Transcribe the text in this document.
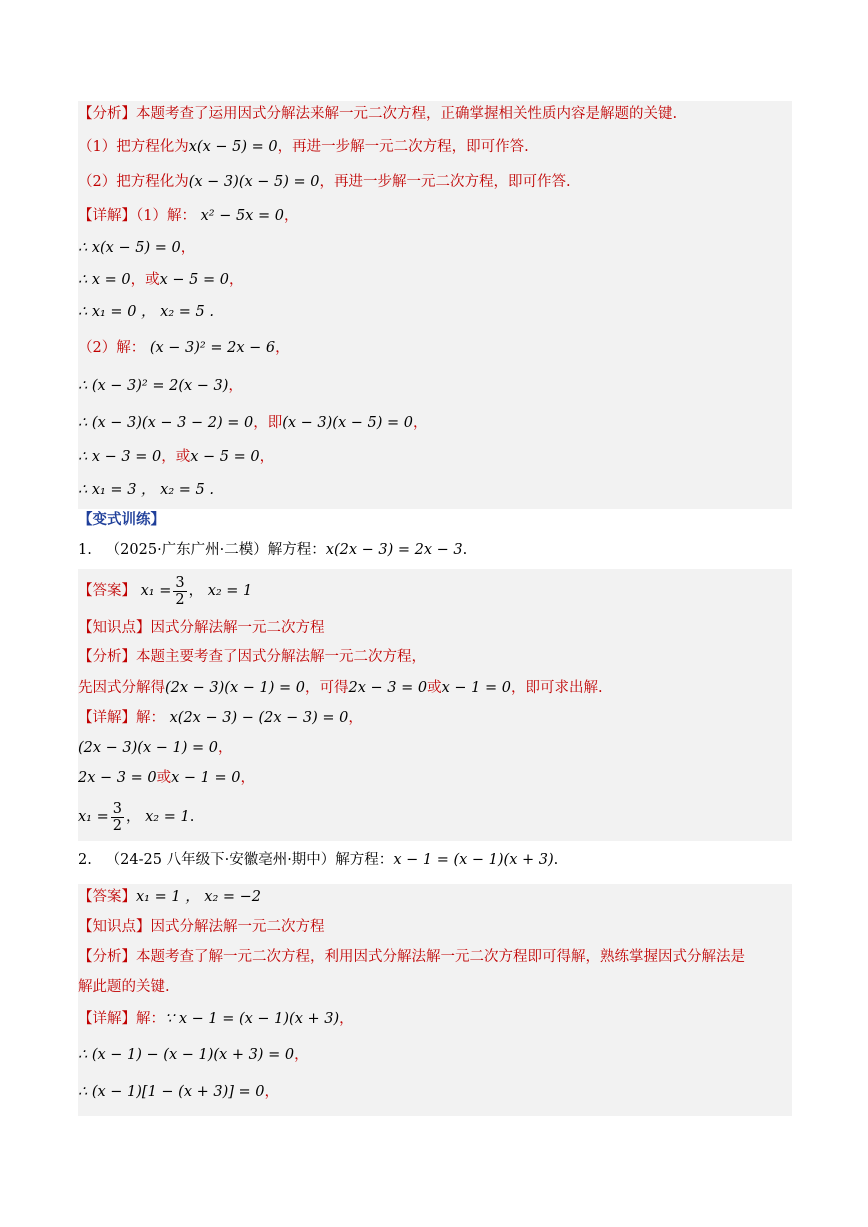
【分析】本题考查了运用因式分解法来解一元二次方程，正确掌握相关性质内容是解题的关键.
（1）把方程化为x(x − 5) = 0，再进一步解一元二次方程，即可作答.
（2）把方程化为(x − 3)(x − 5) = 0，再进一步解一元二次方程，即可作答.
【详解】（1）解： x² − 5x = 0，
∴ x(x − 5) = 0，
∴ x = 0，或x − 5 = 0，
∴ x₁ = 0 ， x₂ = 5 .
（2）解： (x − 3)² = 2x − 6，
∴ (x − 3)² = 2(x − 3)，
∴ (x − 3)(x − 3 − 2) = 0，即(x − 3)(x − 5) = 0，
∴ x − 3 = 0，或x − 5 = 0，
∴ x₁ = 3 ， x₂ = 5 .
【变式训练】
1. （2025·广东广州·二模）解方程：x(2x − 3) = 2x − 3.
【答案】 $x_1 = \frac{3}{2}$ ， x₂ = 1
【知识点】因式分解法解一元二次方程
【分析】本题主要考查了因式分解法解一元二次方程，
先因式分解得(2x − 3)(x − 1) = 0，可得2x − 3 = 0或x − 1 = 0，即可求出解.
【详解】解： x(2x − 3) − (2x − 3) = 0，
(2x − 3)(x − 1) = 0，
2x − 3 = 0或x − 1 = 0，
$x_1 = \frac{3}{2}$ ， x₂ = 1.
2. （24-25 八年级下·安徽亳州·期中）解方程：x − 1 = (x − 1)(x + 3).
【答案】x₁ = 1 ， x₂ = −2
【知识点】因式分解法解一元二次方程
【分析】本题考查了解一元二次方程，利用因式分解法解一元二次方程即可得解，熟练掌握因式分解法是
解此题的关键.
【详解】解：∵ x − 1 = (x − 1)(x + 3)，
∴ (x − 1) − (x − 1)(x + 3) = 0，
∴ (x − 1)[1 − (x + 3)] = 0，
